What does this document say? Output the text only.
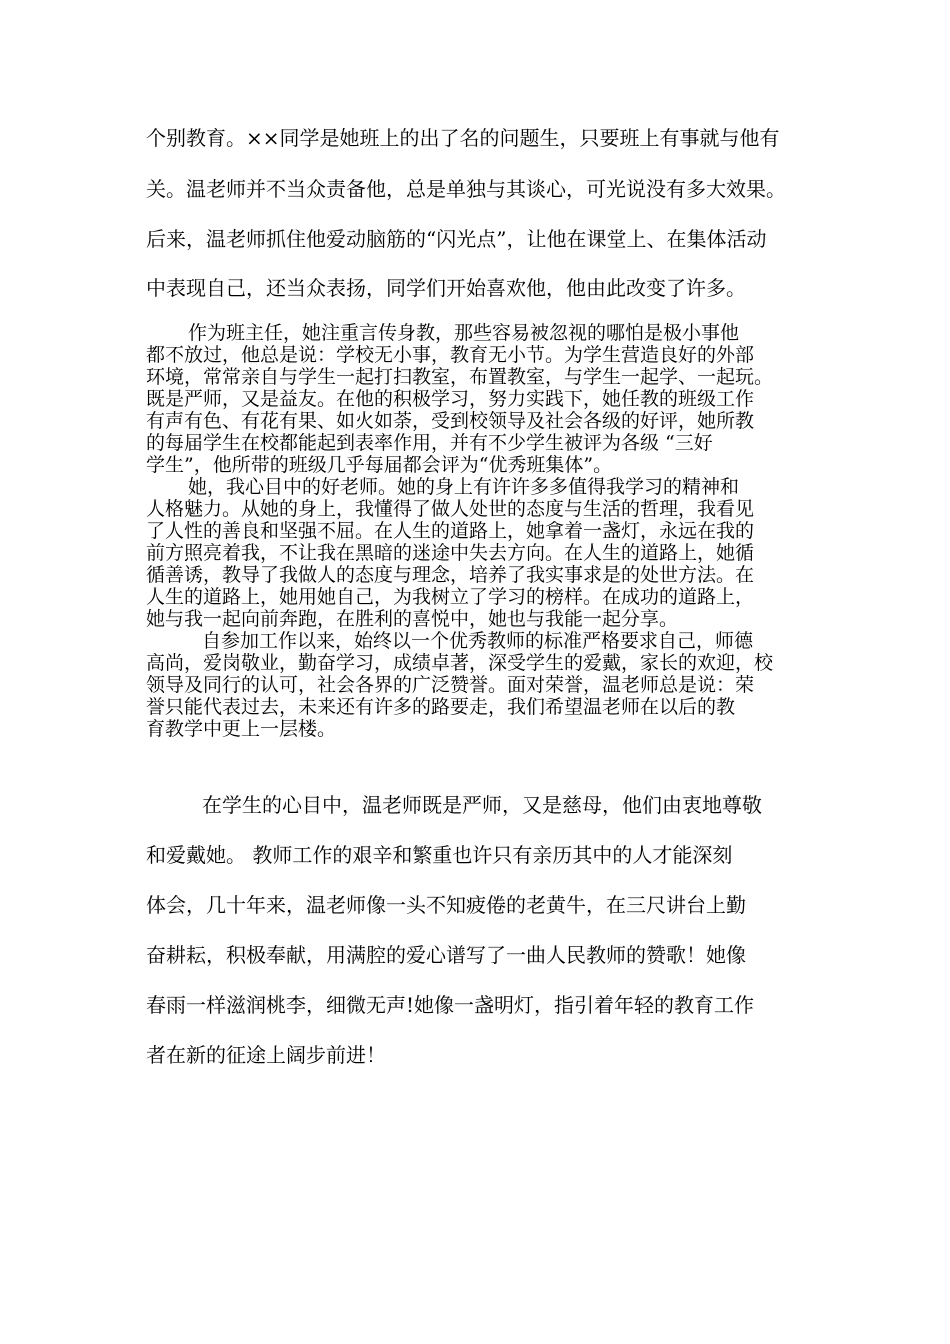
个别教育。××同学是她班上的出了名的问题生，只要班上有事就与他有
关。温老师并不当众责备他，总是单独与其谈心，可光说没有多大效果。
后来，温老师抓住他爱动脑筋的“闪光点”，让他在课堂上、在集体活动
中表现自己，还当众表扬，同学们开始喜欢他，他由此改变了许多。
作为班主任，她注重言传身教，那些容易被忽视的哪怕是极小事他
都不放过，他总是说：学校无小事，教育无小节。为学生营造良好的外部
环境，常常亲自与学生一起打扫教室，布置教室，与学生一起学、一起玩。
既是严师，又是益友。在他的积极学习，努力实践下，她任教的班级工作
有声有色、有花有果、如火如荼，受到校领导及社会各级的好评，她所教
的每届学生在校都能起到表率作用，并有不少学生被评为各级 “三好
学生”，他所带的班级几乎每届都会评为“优秀班集体”。
她，我心目中的好老师。她的身上有许许多多值得我学习的精神和
人格魅力。从她的身上，我懂得了做人处世的态度与生活的哲理，我看见
了人性的善良和坚强不屈。在人生的道路上，她拿着一盏灯，永远在我的
前方照亮着我，不让我在黑暗的迷途中失去方向。在人生的道路上，她循
循善诱，教导了我做人的态度与理念，培养了我实事求是的处世方法。在
人生的道路上，她用她自己，为我树立了学习的榜样。在成功的道路上，
她与我一起向前奔跑，在胜利的喜悦中，她也与我能一起分享。
自参加工作以来，始终以一个优秀教师的标准严格要求自己，师德
高尚，爱岗敬业，勤奋学习，成绩卓著，深受学生的爱戴，家长的欢迎，校
领导及同行的认可，社会各界的广泛赞誉。面对荣誉，温老师总是说：荣
誉只能代表过去，未来还有许多的路要走，我们希望温老师在以后的教
育教学中更上一层楼。
在学生的心目中，温老师既是严师，又是慈母，他们由衷地尊敬
和爱戴她。 教师工作的艰辛和繁重也许只有亲历其中的人才能深刻
体会，几十年来，温老师像一头不知疲倦的老黄牛，在三尺讲台上勤
奋耕耘，积极奉献，用满腔的爱心谱写了一曲人民教师的赞歌！她像
春雨一样滋润桃李，细微无声!她像一盏明灯，指引着年轻的教育工作
者在新的征途上阔步前进！
